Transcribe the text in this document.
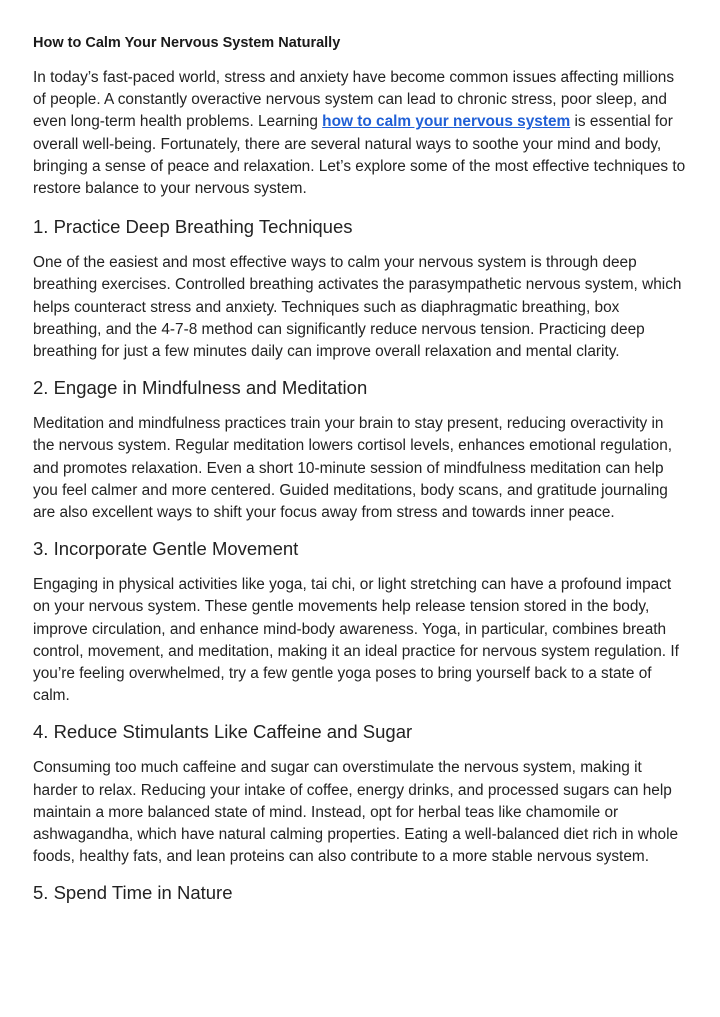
How to Calm Your Nervous System Naturally

In today’s fast-paced world, stress and anxiety have become common issues affecting millions of people. A constantly overactive nervous system can lead to chronic stress, poor sleep, and even long-term health problems. Learning how to calm your nervous system is essential for overall well-being. Fortunately, there are several natural ways to soothe your mind and body, bringing a sense of peace and relaxation. Let’s explore some of the most effective techniques to restore balance to your nervous system.

1. Practice Deep Breathing Techniques

One of the easiest and most effective ways to calm your nervous system is through deep breathing exercises. Controlled breathing activates the parasympathetic nervous system, which helps counteract stress and anxiety. Techniques such as diaphragmatic breathing, box breathing, and the 4-7-8 method can significantly reduce nervous tension. Practicing deep breathing for just a few minutes daily can improve overall relaxation and mental clarity.

2. Engage in Mindfulness and Meditation

Meditation and mindfulness practices train your brain to stay present, reducing overactivity in the nervous system. Regular meditation lowers cortisol levels, enhances emotional regulation, and promotes relaxation. Even a short 10-minute session of mindfulness meditation can help you feel calmer and more centered. Guided meditations, body scans, and gratitude journaling are also excellent ways to shift your focus away from stress and towards inner peace.

3. Incorporate Gentle Movement

Engaging in physical activities like yoga, tai chi, or light stretching can have a profound impact on your nervous system. These gentle movements help release tension stored in the body, improve circulation, and enhance mind-body awareness. Yoga, in particular, combines breath control, movement, and meditation, making it an ideal practice for nervous system regulation. If you’re feeling overwhelmed, try a few gentle yoga poses to bring yourself back to a state of calm.

4. Reduce Stimulants Like Caffeine and Sugar

Consuming too much caffeine and sugar can overstimulate the nervous system, making it harder to relax. Reducing your intake of coffee, energy drinks, and processed sugars can help maintain a more balanced state of mind. Instead, opt for herbal teas like chamomile or ashwagandha, which have natural calming properties. Eating a well-balanced diet rich in whole foods, healthy fats, and lean proteins can also contribute to a more stable nervous system.

5. Spend Time in Nature
